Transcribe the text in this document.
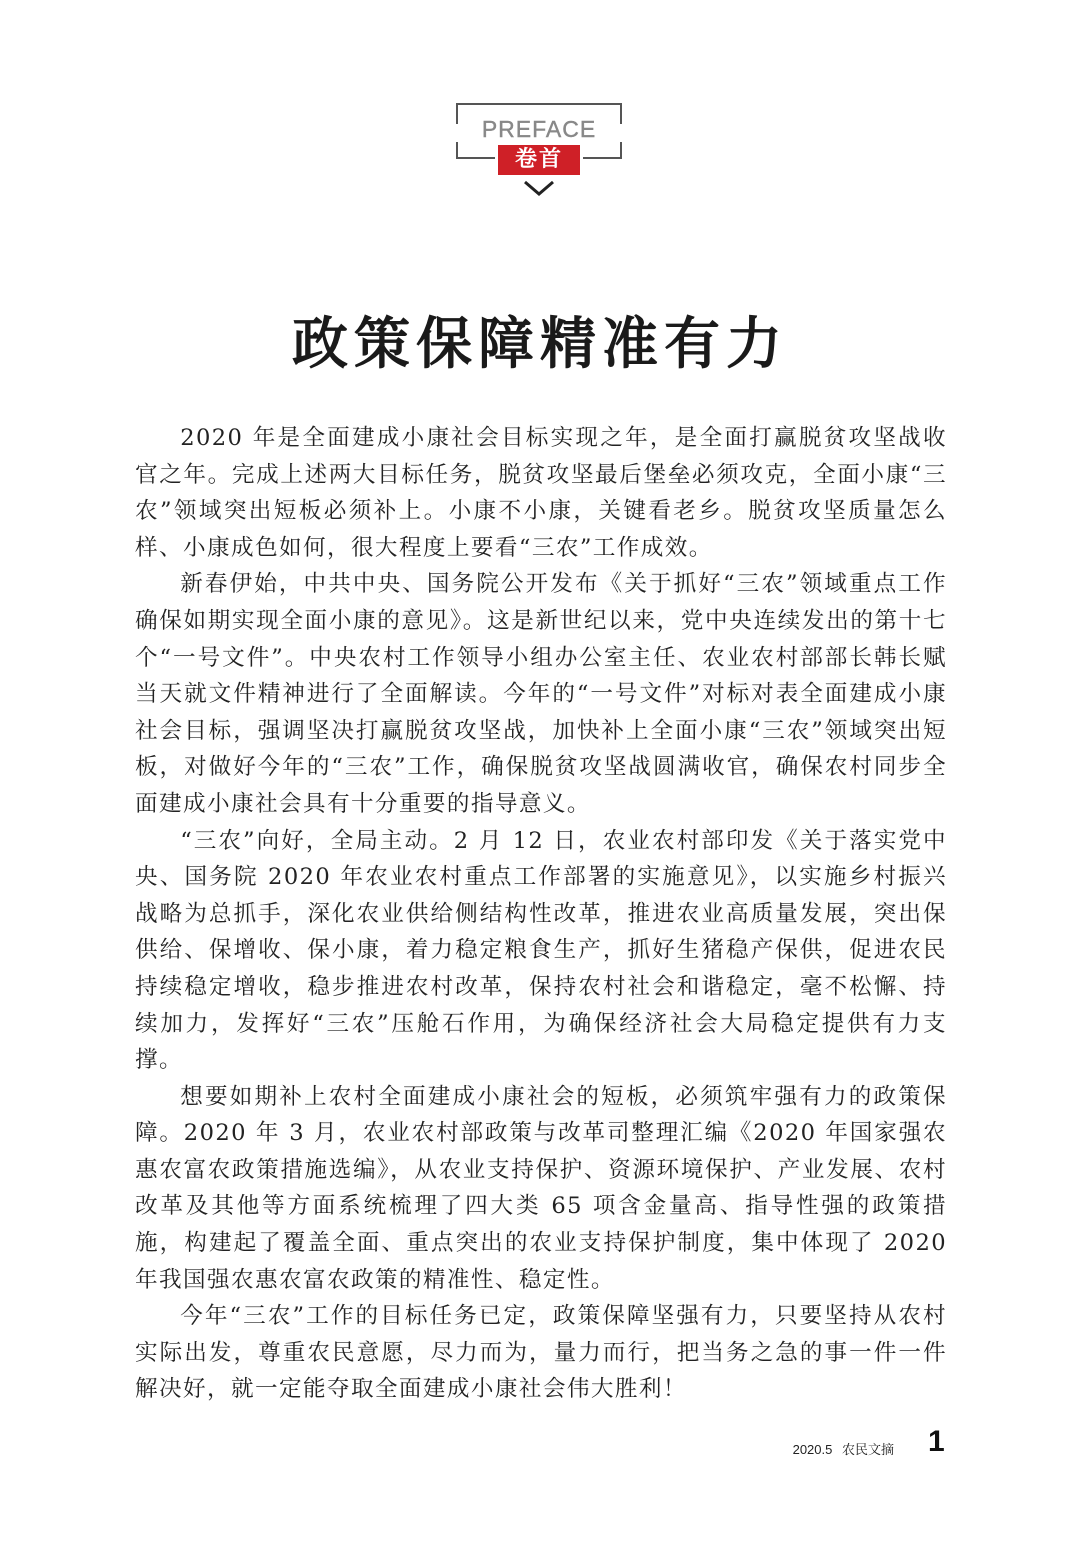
PREFACE
卷首
政策保障精准有力

2020 年是全面建成小康社会目标实现之年，是全面打赢脱贫攻坚战收官之年。完成上述两大目标任务，脱贫攻坚最后堡垒必须攻克，全面小康“三农”领域突出短板必须补上。小康不小康，关键看老乡。脱贫攻坚质量怎么样、小康成色如何，很大程度上要看“三农”工作成效。

新春伊始，中共中央、国务院公开发布《关于抓好“三农”领域重点工作确保如期实现全面小康的意见》。这是新世纪以来，党中央连续发出的第十七个“一号文件”。中央农村工作领导小组办公室主任、农业农村部部长韩长赋当天就文件精神进行了全面解读。今年的“一号文件”对标对表全面建成小康社会目标，强调坚决打赢脱贫攻坚战，加快补上全面小康“三农”领域突出短板，对做好今年的“三农”工作，确保脱贫攻坚战圆满收官，确保农村同步全面建成小康社会具有十分重要的指导意义。

“三农”向好，全局主动。2 月 12 日，农业农村部印发《关于落实党中央、国务院 2020 年农业农村重点工作部署的实施意见》，以实施乡村振兴战略为总抓手，深化农业供给侧结构性改革，推进农业高质量发展，突出保供给、保增收、保小康，着力稳定粮食生产，抓好生猪稳产保供，促进农民持续稳定增收，稳步推进农村改革，保持农村社会和谐稳定，毫不松懈、持续加力，发挥好“三农”压舱石作用，为确保经济社会大局稳定提供有力支撑。

想要如期补上农村全面建成小康社会的短板，必须筑牢强有力的政策保障。2020 年 3 月，农业农村部政策与改革司整理汇编《2020 年国家强农惠农富农政策措施选编》，从农业支持保护、资源环境保护、产业发展、农村改革及其他等方面系统梳理了四大类 65 项含金量高、指导性强的政策措施，构建起了覆盖全面、重点突出的农业支持保护制度，集中体现了 2020 年我国强农惠农富农政策的精准性、稳定性。

今年“三农”工作的目标任务已定，政策保障坚强有力，只要坚持从农村实际出发，尊重农民意愿，尽力而为，量力而行，把当务之急的事一件一件解决好，就一定能夺取全面建成小康社会伟大胜利！

2020.5 农民文摘 1
